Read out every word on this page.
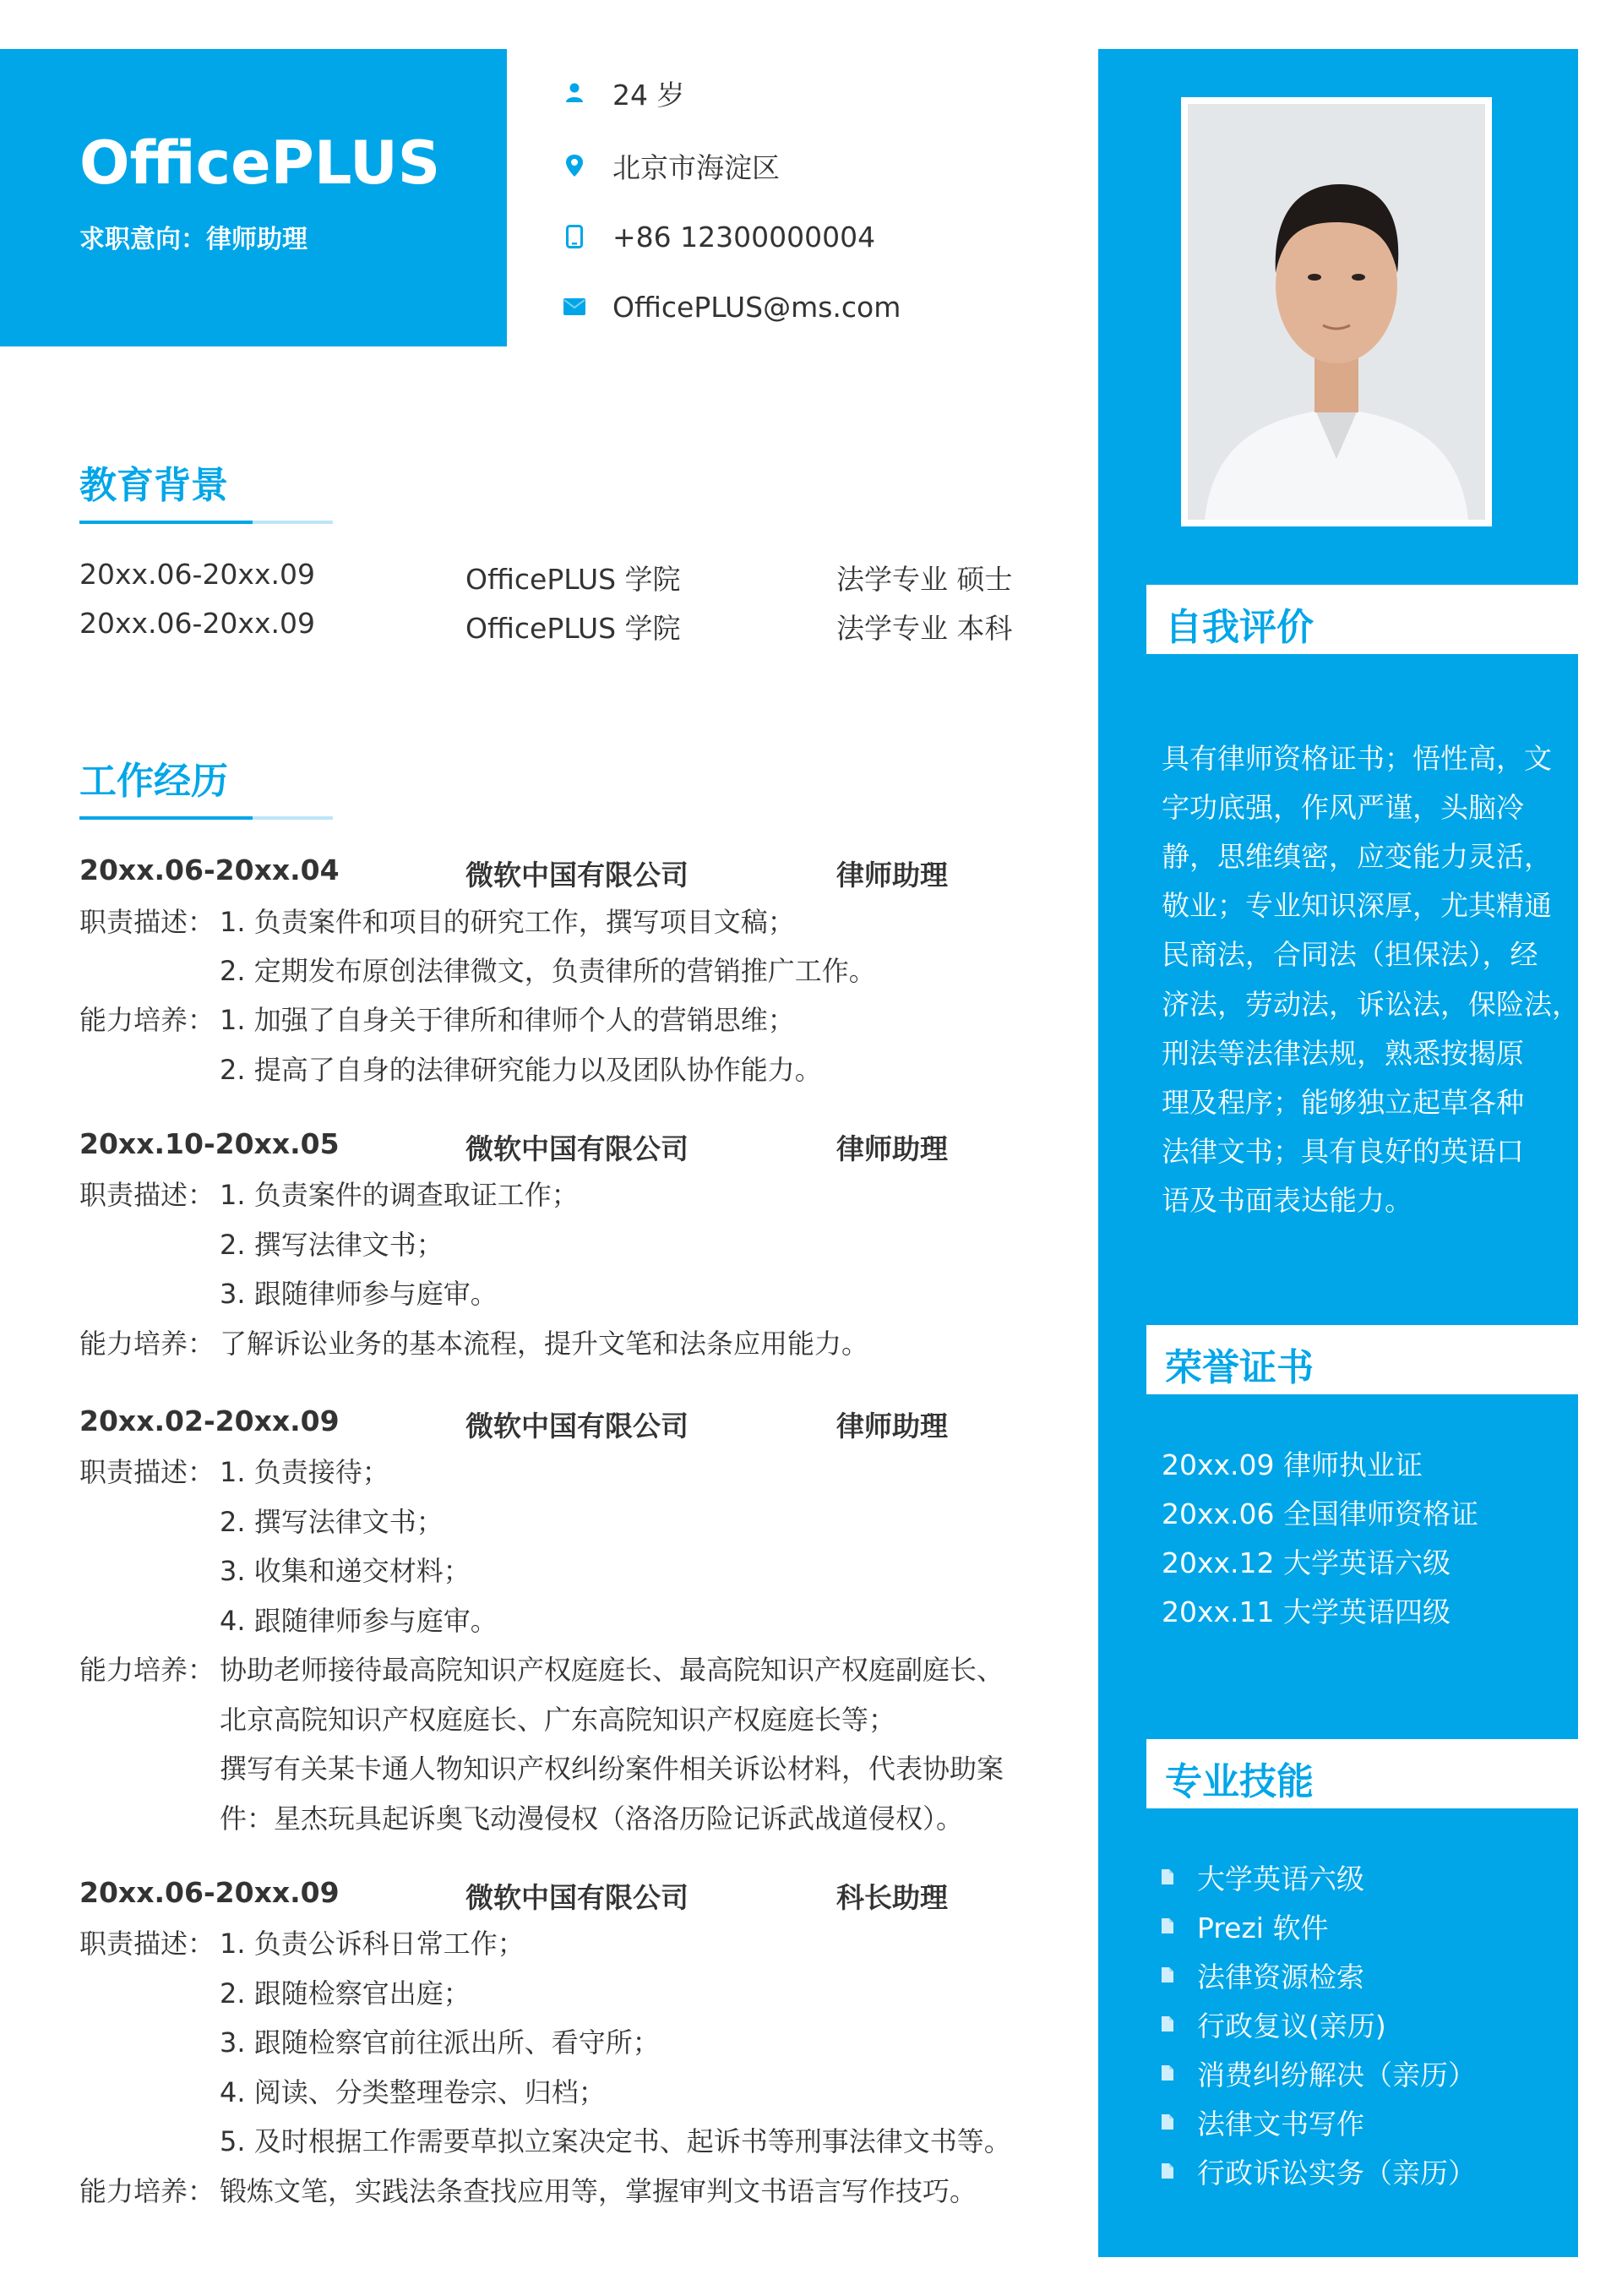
OfficePLUS
求职意向：律师助理
24 岁
北京市海淀区
+86 12300000004
OfficePLUS@ms.com
教育背景
20xx.06-20xx.09	OfficePLUS 学院	法学专业 硕士
20xx.06-20xx.09	OfficePLUS 学院	法学专业 本科
工作经历
20xx.06-20xx.04	微软中国有限公司	律师助理
职责描述： 1. 负责案件和项目的研究工作，撰写项目文稿；
2. 定期发布原创法律微文，负责律所的营销推广工作。
能力培养： 1. 加强了自身关于律所和律师个人的营销思维；
2. 提高了自身的法律研究能力以及团队协作能力。
20xx.10-20xx.05	微软中国有限公司	律师助理
职责描述： 1. 负责案件的调查取证工作；
2. 撰写法律文书；
3. 跟随律师参与庭审。
能力培养： 了解诉讼业务的基本流程，提升文笔和法条应用能力。
20xx.02-20xx.09	微软中国有限公司	律师助理
职责描述： 1. 负责接待；
2. 撰写法律文书；
3. 收集和递交材料；
4. 跟随律师参与庭审。
能力培养： 协助老师接待最高院知识产权庭庭长、最高院知识产权庭副庭长、
北京高院知识产权庭庭长、广东高院知识产权庭庭长等；
撰写有关某卡通人物知识产权纠纷案件相关诉讼材料，代表协助案
件：星杰玩具起诉奥飞动漫侵权（洛洛历险记诉武战道侵权）。
20xx.06-20xx.09	微软中国有限公司	科长助理
职责描述： 1. 负责公诉科日常工作；
2. 跟随检察官出庭；
3. 跟随检察官前往派出所、看守所；
4. 阅读、分类整理卷宗、归档；
5. 及时根据工作需要草拟立案决定书、起诉书等刑事法律文书等。
能力培养： 锻炼文笔，实践法条查找应用等，掌握审判文书语言写作技巧。
自我评价
具有律师资格证书；悟性高，文
字功底强，作风严谨，头脑冷
静，思维缜密，应变能力灵活，
敬业；专业知识深厚，尤其精通
民商法，合同法（担保法），经
济法，劳动法，诉讼法，保险法，
刑法等法律法规，熟悉按揭原
理及程序；能够独立起草各种
法律文书；具有良好的英语口
语及书面表达能力。
荣誉证书
20xx.09 律师执业证
20xx.06 全国律师资格证
20xx.12 大学英语六级
20xx.11 大学英语四级
专业技能
大学英语六级
Prezi 软件
法律资源检索
行政复议(亲历)
消费纠纷解决（亲历）
法律文书写作
行政诉讼实务（亲历）
